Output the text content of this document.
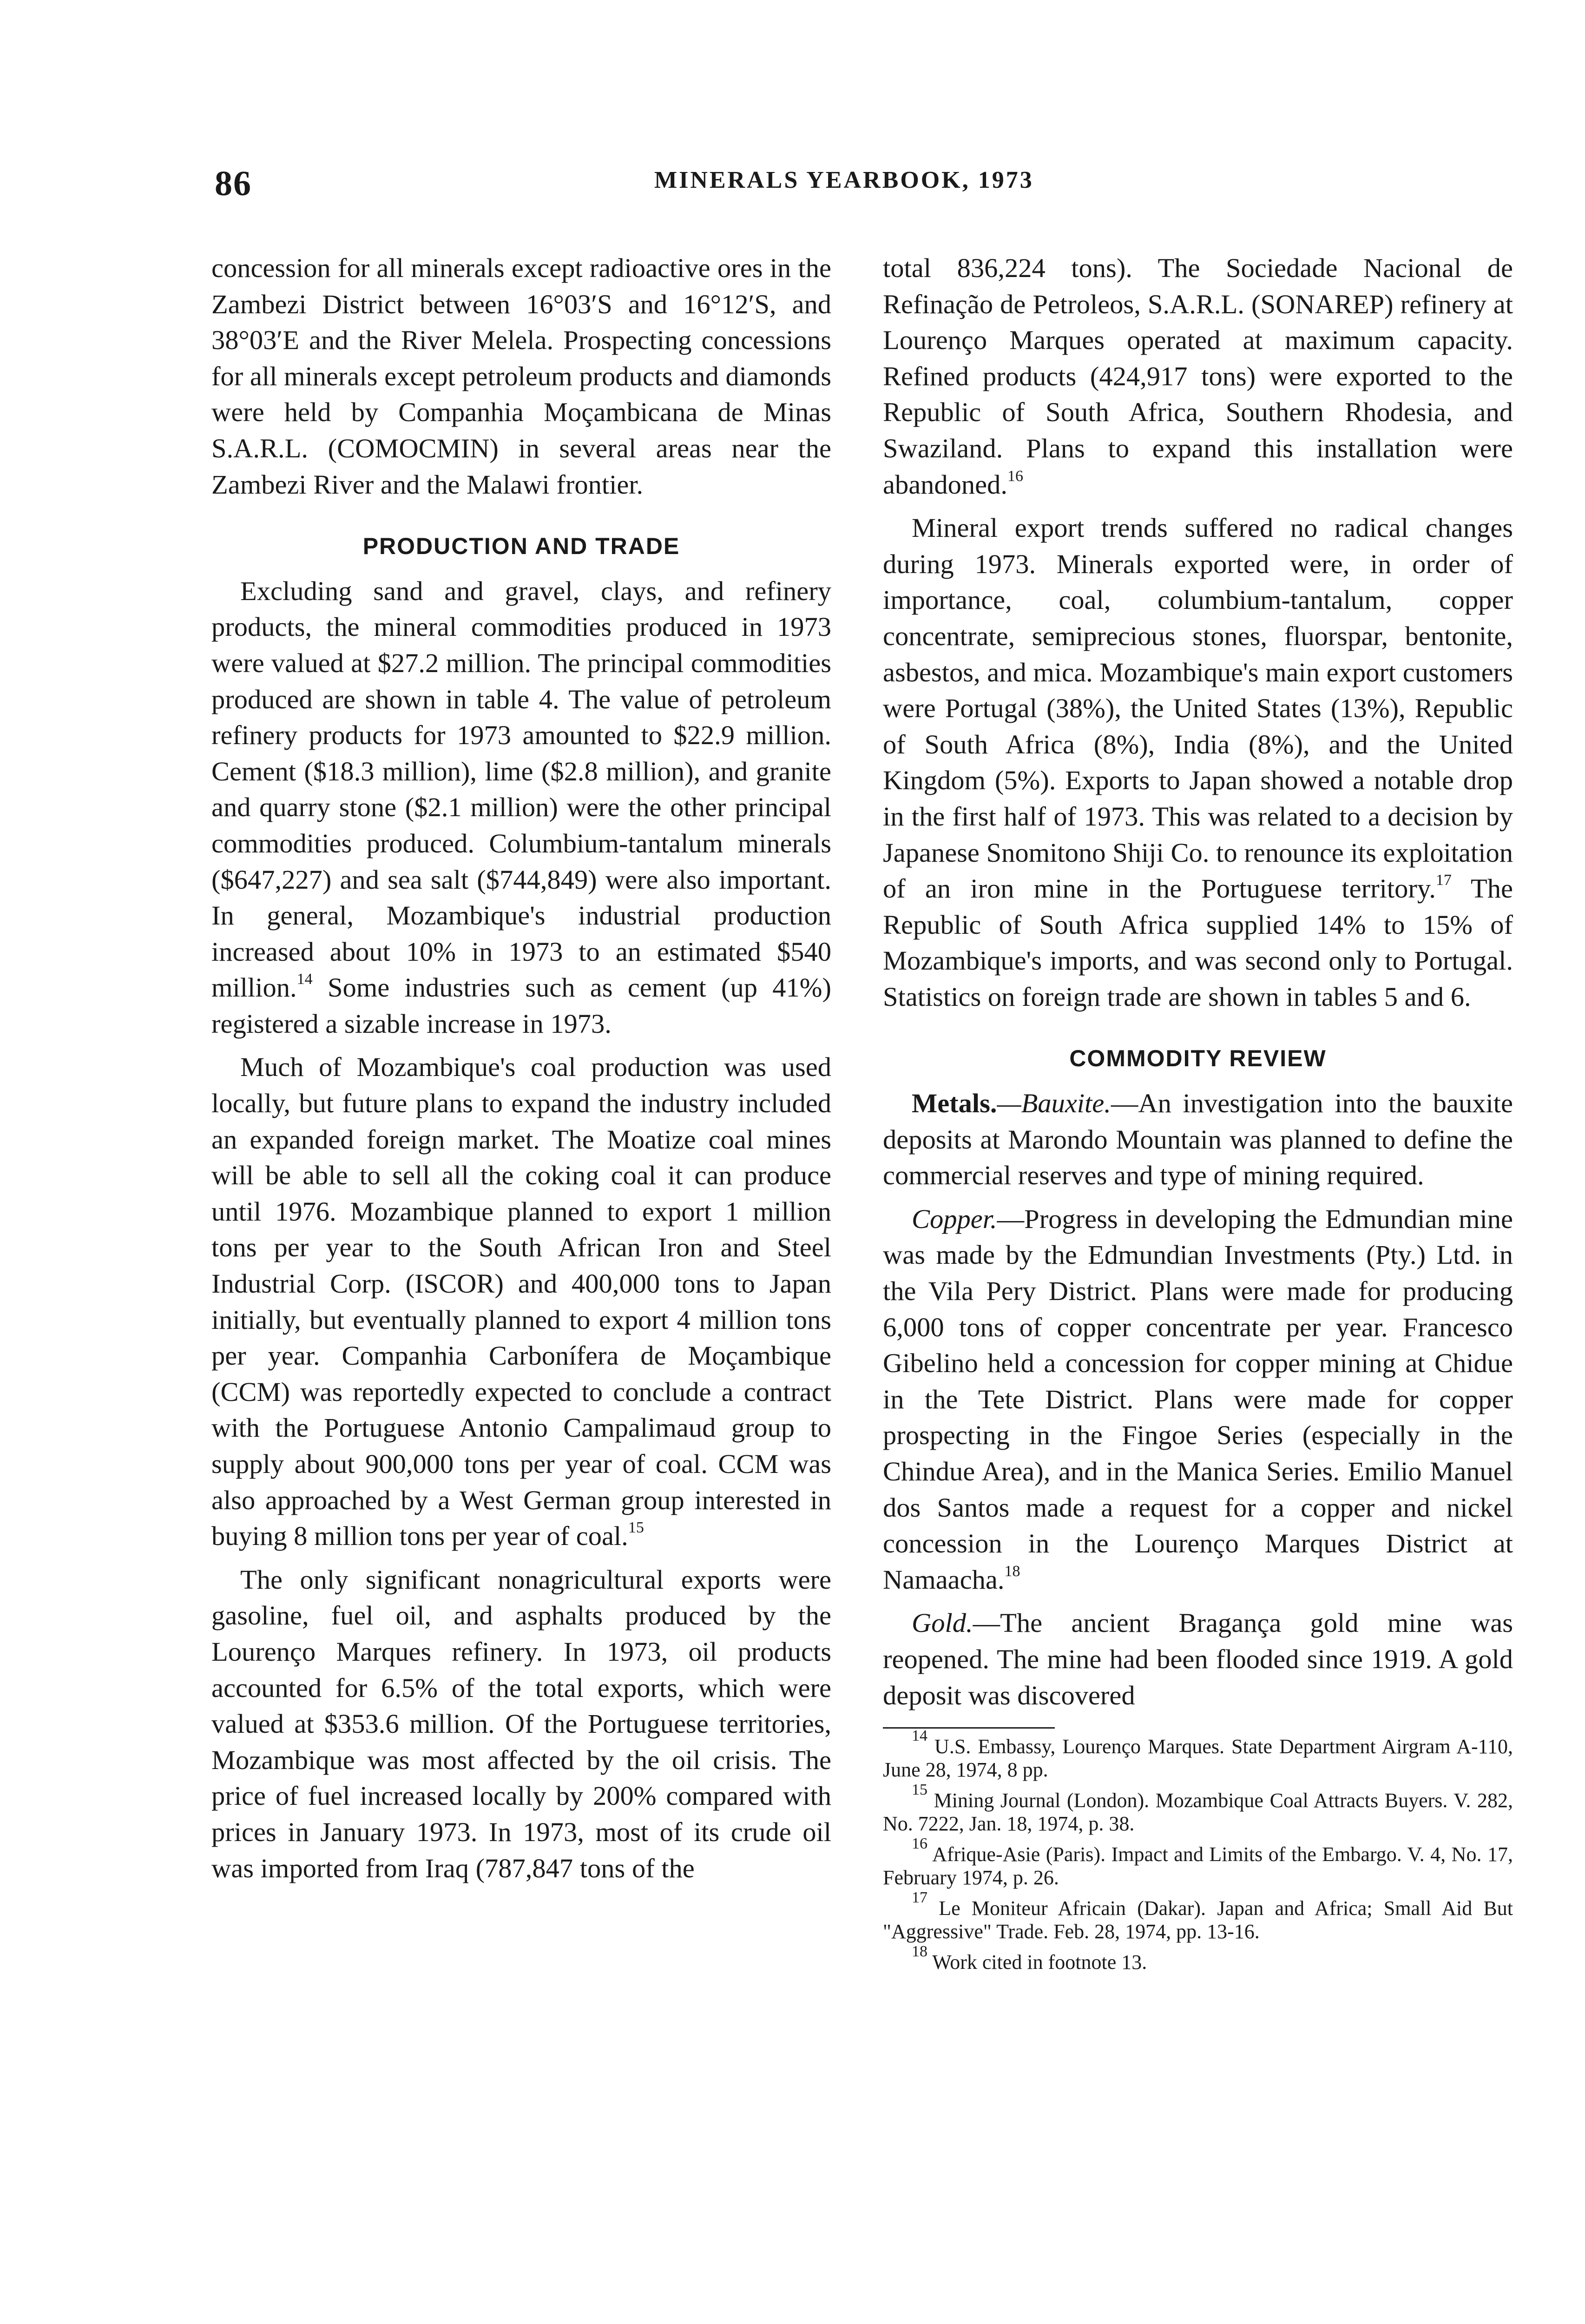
86	MINERALS YEARBOOK, 1973

concession for all minerals except radioactive ores in the Zambezi District between 16°03′S and 16°12′S, and 38°03′E and the River Melela. Prospecting concessions for all minerals except petroleum products and diamonds were held by Companhia Moçambicana de Minas S.A.R.L. (COMOCMIN) in several areas near the Zambezi River and the Malawi frontier.

PRODUCTION AND TRADE

Excluding sand and gravel, clays, and refinery products, the mineral commodities produced in 1973 were valued at $27.2 million. The principal commodities produced are shown in table 4. The value of petroleum refinery products for 1973 amounted to $22.9 million. Cement ($18.3 million), lime ($2.8 million), and granite and quarry stone ($2.1 million) were the other principal commodities produced. Columbium-tantalum minerals ($647,227) and sea salt ($744,849) were also important. In general, Mozambique's industrial production increased about 10% in 1973 to an estimated $540 million.$^{14}$ Some industries such as cement (up 41%) registered a sizable increase in 1973.

Much of Mozambique's coal production was used locally, but future plans to expand the industry included an expanded foreign market. The Moatize coal mines will be able to sell all the coking coal it can produce until 1976. Mozambique planned to export 1 million tons per year to the South African Iron and Steel Industrial Corp. (ISCOR) and 400,000 tons to Japan initially, but eventually planned to export 4 million tons per year. Companhia Carbonífera de Moçambique (CCM) was reportedly expected to conclude a contract with the Portuguese Antonio Campalimaud group to supply about 900,000 tons per year of coal. CCM was also approached by a West German group interested in buying 8 million tons per year of coal.$^{15}$

The only significant nonagricultural exports were gasoline, fuel oil, and asphalts produced by the Lourenço Marques refinery. In 1973, oil products accounted for 6.5% of the total exports, which were valued at $353.6 million. Of the Portuguese territories, Mozambique was most affected by the oil crisis. The price of fuel increased locally by 200% compared with prices in January 1973. In 1973, most of its crude oil was imported from Iraq (787,847 tons of the

total 836,224 tons). The Sociedade Nacional de Refinação de Petroleos, S.A.R.L. (SONAREP) refinery at Lourenço Marques operated at maximum capacity. Refined products (424,917 tons) were exported to the Republic of South Africa, Southern Rhodesia, and Swaziland. Plans to expand this installation were abandoned.$^{16}$

Mineral export trends suffered no radical changes during 1973. Minerals exported were, in order of importance, coal, columbium-tantalum, copper concentrate, semiprecious stones, fluorspar, bentonite, asbestos, and mica. Mozambique's main export customers were Portugal (38%), the United States (13%), Republic of South Africa (8%), India (8%), and the United Kingdom (5%). Exports to Japan showed a notable drop in the first half of 1973. This was related to a decision by Japanese Snomitono Shiji Co. to renounce its exploitation of an iron mine in the Portuguese territory.$^{17}$ The Republic of South Africa supplied 14% to 15% of Mozambique's imports, and was second only to Portugal. Statistics on foreign trade are shown in tables 5 and 6.

COMMODITY REVIEW

Metals.—Bauxite.—An investigation into the bauxite deposits at Marondo Mountain was planned to define the commercial reserves and type of mining required.

Copper.—Progress in developing the Edmundian mine was made by the Edmundian Investments (Pty.) Ltd. in the Vila Pery District. Plans were made for producing 6,000 tons of copper concentrate per year. Francesco Gibelino held a concession for copper mining at Chidue in the Tete District. Plans were made for copper prospecting in the Fingoe Series (especially in the Chindue Area), and in the Manica Series. Emilio Manuel dos Santos made a request for a copper and nickel concession in the Lourenço Marques District at Namaacha.$^{18}$

Gold.—The ancient Bragança gold mine was reopened. The mine had been flooded since 1919. A gold deposit was discovered

$^{14}$ U.S. Embassy, Lourenço Marques. State Department Airgram A-110, June 28, 1974, 8 pp.

$^{15}$ Mining Journal (London). Mozambique Coal Attracts Buyers. V. 282, No. 7222, Jan. 18, 1974, p. 38.

$^{16}$ Afrique-Asie (Paris). Impact and Limits of the Embargo. V. 4, No. 17, February 1974, p. 26.

$^{17}$ Le Moniteur Africain (Dakar). Japan and Africa; Small Aid But "Aggressive" Trade. Feb. 28, 1974, pp. 13-16.

$^{18}$ Work cited in footnote 13.
